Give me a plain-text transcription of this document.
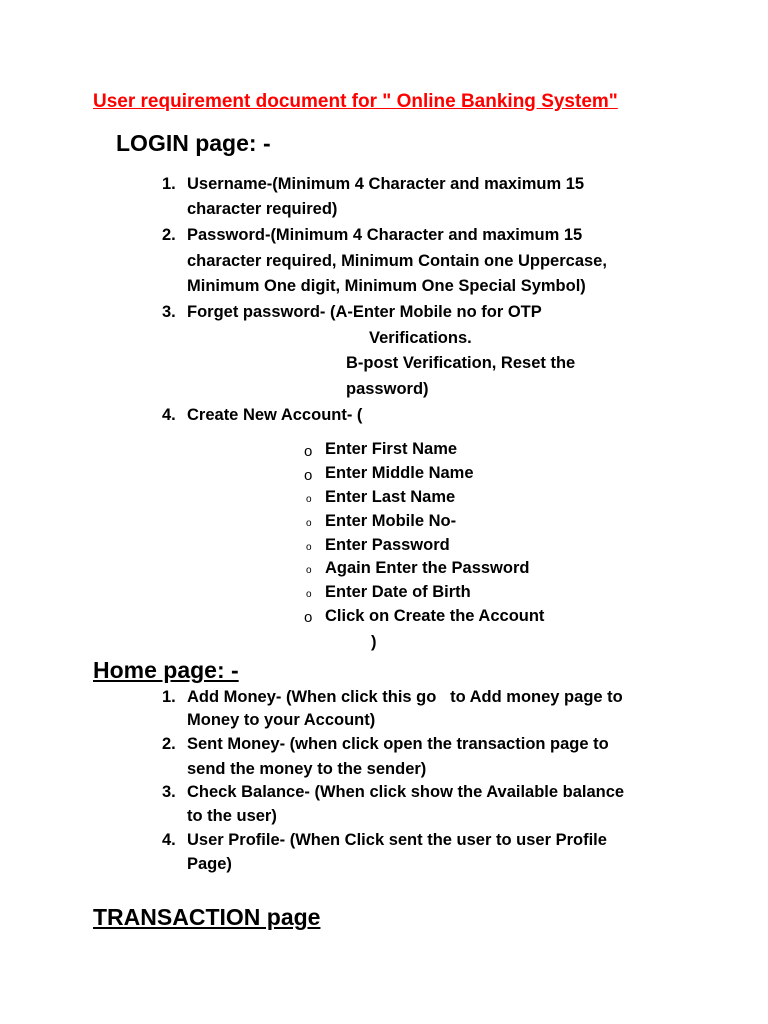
User requirement document for " Online Banking System"
LOGIN page: -
1. Username-(Minimum 4 Character and maximum 15
character required)
2. Password-(Minimum 4 Character and maximum 15
character required, Minimum Contain one Uppercase,
Minimum One digit, Minimum One Special Symbol)
3. Forget password- (A-Enter Mobile no for OTP
Verifications.
B-post Verification, Reset the
password)
4. Create New Account- (
o Enter First Name
o Enter Middle Name
o Enter Last Name
o Enter Mobile No-
o Enter Password
o Again Enter the Password
o Enter Date of Birth
o Click on Create the Account
)
Home page: -
1. Add Money- (When click this go   to Add money page to
Money to your Account)
2. Sent Money- (when click open the transaction page to
send the money to the sender)
3. Check Balance- (When click show the Available balance
to the user)
4. User Profile- (When Click sent the user to user Profile
Page)
TRANSACTION page
